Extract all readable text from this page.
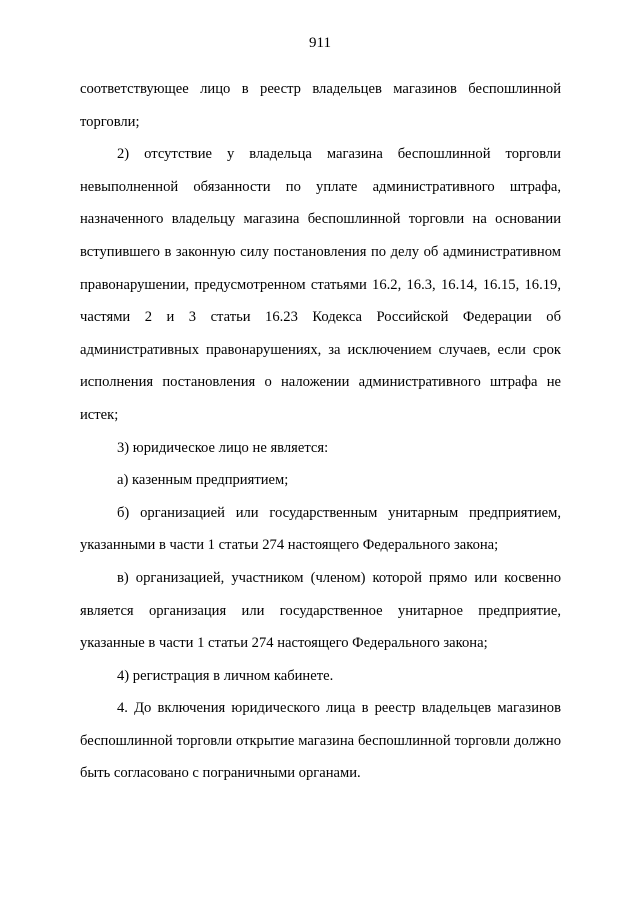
911

соответствующее лицо в реестр владельцев магазинов беспошлинной торговли;

2) отсутствие у владельца магазина беспошлинной торговли невыполненной обязанности по уплате административного штрафа, назначенного владельцу магазина беспошлинной торговли на основании вступившего в законную силу постановления по делу об административном правонарушении, предусмотренном статьями 16.2, 16.3, 16.14, 16.15, 16.19, частями 2 и 3 статьи 16.23 Кодекса Российской Федерации об административных правонарушениях, за исключением случаев, если срок исполнения постановления о наложении административного штрафа не истек;

3) юридическое лицо не является:

а) казенным предприятием;

б) организацией или государственным унитарным предприятием, указанными в части 1 статьи 274 настоящего Федерального закона;

в) организацией, участником (членом) которой прямо или косвенно является организация или государственное унитарное предприятие, указанные в части 1 статьи 274 настоящего Федерального закона;

4) регистрация в личном кабинете.

4. До включения юридического лица в реестр владельцев магазинов беспошлинной торговли открытие магазина беспошлинной торговли должно быть согласовано с пограничными органами.
